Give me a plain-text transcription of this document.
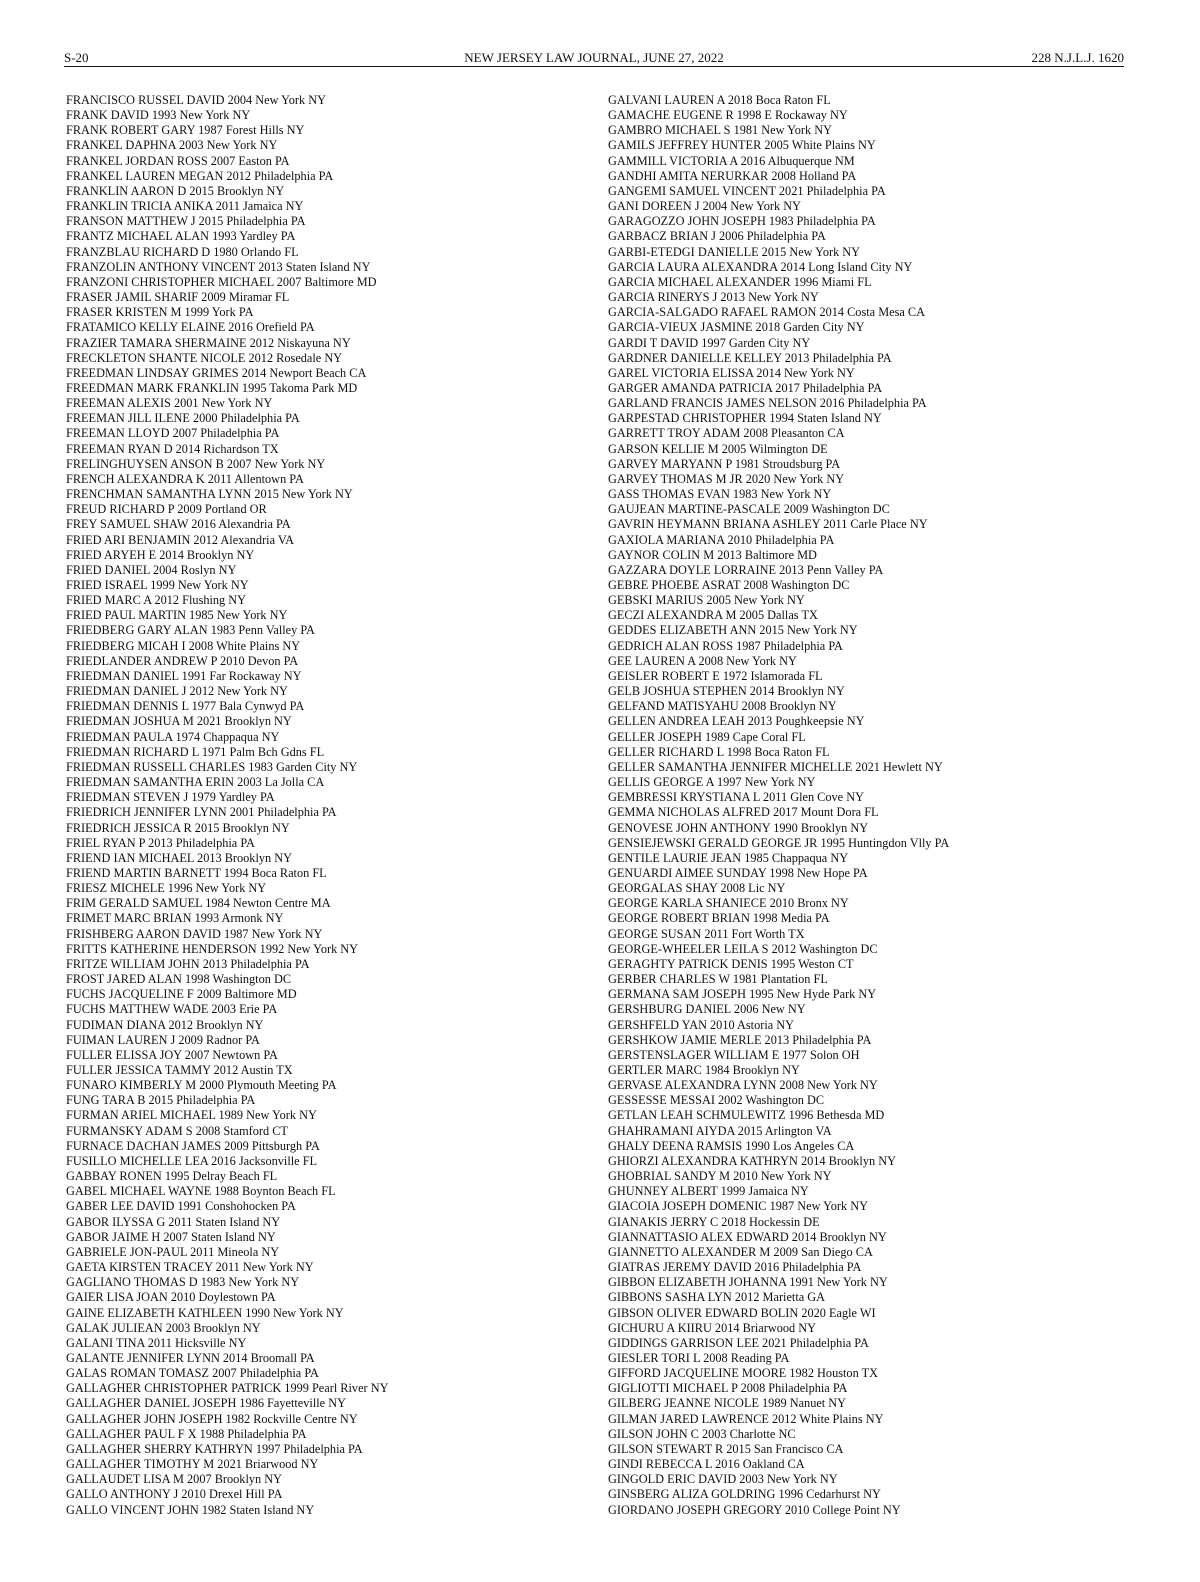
S-20	NEW JERSEY LAW JOURNAL, JUNE 27, 2022	228 N.J.L.J. 1620
FRANCISCO RUSSEL DAVID 2004 New York NY
FRANK DAVID 1993 New York NY
FRANK ROBERT GARY 1987 Forest Hills NY
FRANKEL DAPHNA 2003 New York NY
FRANKEL JORDAN ROSS 2007 Easton PA
FRANKEL LAUREN MEGAN 2012 Philadelphia PA
FRANKLIN AARON D 2015 Brooklyn NY
FRANKLIN TRICIA ANIKA 2011 Jamaica NY
FRANSON MATTHEW J 2015 Philadelphia PA
FRANTZ MICHAEL ALAN 1993 Yardley PA
FRANZBLAU RICHARD D 1980 Orlando FL
FRANZOLIN ANTHONY VINCENT 2013 Staten Island NY
FRANZONI CHRISTOPHER MICHAEL 2007 Baltimore MD
FRASER JAMIL SHARIF 2009 Miramar FL
FRASER KRISTEN M 1999 York PA
FRATAMICO KELLY ELAINE 2016 Orefield PA
FRAZIER TAMARA SHERMAINE 2012 Niskayuna NY
FRECKLETON SHANTE NICOLE 2012 Rosedale NY
FREEDMAN LINDSAY GRIMES 2014 Newport Beach CA
FREEDMAN MARK FRANKLIN 1995 Takoma Park MD
FREEMAN ALEXIS 2001 New York NY
FREEMAN JILL ILENE 2000 Philadelphia PA
FREEMAN LLOYD 2007 Philadelphia PA
FREEMAN RYAN D 2014 Richardson TX
FRELINGHUYSEN ANSON B 2007 New York NY
FRENCH ALEXANDRA K 2011 Allentown PA
FRENCHMAN SAMANTHA LYNN 2015 New York NY
FREUD RICHARD P 2009 Portland OR
FREY SAMUEL SHAW 2016 Alexandria PA
FRIED ARI BENJAMIN 2012 Alexandria VA
FRIED ARYEH E 2014 Brooklyn NY
FRIED DANIEL 2004 Roslyn NY
FRIED ISRAEL 1999 New York NY
FRIED MARC A 2012 Flushing NY
FRIED PAUL MARTIN 1985 New York NY
FRIEDBERG GARY ALAN 1983 Penn Valley PA
FRIEDBERG MICAH I 2008 White Plains NY
FRIEDLANDER ANDREW P 2010 Devon PA
FRIEDMAN DANIEL 1991 Far Rockaway NY
FRIEDMAN DANIEL J 2012 New York NY
FRIEDMAN DENNIS L 1977 Bala Cynwyd PA
FRIEDMAN JOSHUA M 2021 Brooklyn NY
FRIEDMAN PAULA 1974 Chappaqua NY
FRIEDMAN RICHARD L 1971 Palm Bch Gdns FL
FRIEDMAN RUSSELL CHARLES 1983 Garden City NY
FRIEDMAN SAMANTHA ERIN 2003 La Jolla CA
FRIEDMAN STEVEN J 1979 Yardley PA
FRIEDRICH JENNIFER LYNN 2001 Philadelphia PA
FRIEDRICH JESSICA R 2015 Brooklyn NY
FRIEL RYAN P 2013 Philadelphia PA
FRIEND IAN MICHAEL 2013 Brooklyn NY
FRIEND MARTIN BARNETT 1994 Boca Raton FL
FRIESZ MICHELE 1996 New York NY
FRIM GERALD SAMUEL 1984 Newton Centre MA
FRIMET MARC BRIAN 1993 Armonk NY
FRISHBERG AARON DAVID 1987 New York NY
FRITTS KATHERINE HENDERSON 1992 New York NY
FRITZE WILLIAM JOHN 2013 Philadelphia PA
FROST JARED ALAN 1998 Washington DC
FUCHS JACQUELINE F 2009 Baltimore MD
FUCHS MATTHEW WADE 2003 Erie PA
FUDIMAN DIANA 2012 Brooklyn NY
FUIMAN LAUREN J 2009 Radnor PA
FULLER ELISSA JOY 2007 Newtown PA
FULLER JESSICA TAMMY 2012 Austin TX
FUNARO KIMBERLY M 2000 Plymouth Meeting PA
FUNG TARA B 2015 Philadelphia PA
FURMAN ARIEL MICHAEL 1989 New York NY
FURMANSKY ADAM S 2008 Stamford CT
FURNACE DACHAN JAMES 2009 Pittsburgh PA
FUSILLO MICHELLE LEA 2016 Jacksonville FL
GABBAY RONEN 1995 Delray Beach FL
GABEL MICHAEL WAYNE 1988 Boynton Beach FL
GABER LEE DAVID 1991 Conshohocken PA
GABOR ILYSSA G 2011 Staten Island NY
GABOR JAIME H 2007 Staten Island NY
GABRIELE JON-PAUL 2011 Mineola NY
GAETA KIRSTEN TRACEY 2011 New York NY
GAGLIANO THOMAS D 1983 New York NY
GAIER LISA JOAN 2010 Doylestown PA
GAINE ELIZABETH KATHLEEN 1990 New York NY
GALAK JULIEAN 2003 Brooklyn NY
GALANI TINA 2011 Hicksville NY
GALANTE JENNIFER LYNN 2014 Broomall PA
GALAS ROMAN TOMASZ 2007 Philadelphia PA
GALLAGHER CHRISTOPHER PATRICK 1999 Pearl River NY
GALLAGHER DANIEL JOSEPH 1986 Fayetteville NY
GALLAGHER JOHN JOSEPH 1982 Rockville Centre NY
GALLAGHER PAUL F X 1988 Philadelphia PA
GALLAGHER SHERRY KATHRYN 1997 Philadelphia PA
GALLAGHER TIMOTHY M 2021 Briarwood NY
GALLAUDET LISA M 2007 Brooklyn NY
GALLO ANTHONY J 2010 Drexel Hill PA
GALLO VINCENT JOHN 1982 Staten Island NY
GALVANI LAUREN A 2018 Boca Raton FL
GAMACHE EUGENE R 1998 E Rockaway NY
GAMBRO MICHAEL S 1981 New York NY
GAMILS JEFFREY HUNTER 2005 White Plains NY
GAMMILL VICTORIA A 2016 Albuquerque NM
GANDHI AMITA NERURKAR 2008 Holland PA
GANGEMI SAMUEL VINCENT 2021 Philadelphia PA
GANI DOREEN J 2004 New York NY
GARAGOZZO JOHN JOSEPH 1983 Philadelphia PA
GARBACZ BRIAN J 2006 Philadelphia PA
GARBI-ETEDGI DANIELLE 2015 New York NY
GARCIA LAURA ALEXANDRA 2014 Long Island City NY
GARCIA MICHAEL ALEXANDER 1996 Miami FL
GARCIA RINERYS J 2013 New York NY
GARCIA-SALGADO RAFAEL RAMON 2014 Costa Mesa CA
GARCIA-VIEUX JASMINE 2018 Garden City NY
GARDI T DAVID 1997 Garden City NY
GARDNER DANIELLE KELLEY 2013 Philadelphia PA
GAREL VICTORIA ELISSA 2014 New York NY
GARGER AMANDA PATRICIA 2017 Philadelphia PA
GARLAND FRANCIS JAMES NELSON 2016 Philadelphia PA
GARPESTAD CHRISTOPHER 1994 Staten Island NY
GARRETT TROY ADAM 2008 Pleasanton CA
GARSON KELLIE M 2005 Wilmington DE
GARVEY MARYANN P 1981 Stroudsburg PA
GARVEY THOMAS M JR 2020 New York NY
GASS THOMAS EVAN 1983 New York NY
GAUJEAN MARTINE-PASCALE 2009 Washington DC
GAVRIN HEYMANN BRIANA ASHLEY 2011 Carle Place NY
GAXIOLA MARIANA 2010 Philadelphia PA
GAYNOR COLIN M 2013 Baltimore MD
GAZZARA DOYLE LORRAINE 2013 Penn Valley PA
GEBRE PHOEBE ASRAT 2008 Washington DC
GEBSKI MARIUS 2005 New York NY
GECZI ALEXANDRA M 2005 Dallas TX
GEDDES ELIZABETH ANN 2015 New York NY
GEDRICH ALAN ROSS 1987 Philadelphia PA
GEE LAUREN A 2008 New York NY
GEISLER ROBERT E 1972 Islamorada FL
GELB JOSHUA STEPHEN 2014 Brooklyn NY
GELFAND MATISYAHU 2008 Brooklyn NY
GELLEN ANDREA LEAH 2013 Poughkeepsie NY
GELLER JOSEPH 1989 Cape Coral FL
GELLER RICHARD L 1998 Boca Raton FL
GELLER SAMANTHA JENNIFER MICHELLE 2021 Hewlett NY
GELLIS GEORGE A 1997 New York NY
GEMBRESSI KRYSTIANA L 2011 Glen Cove NY
GEMMA NICHOLAS ALFRED 2017 Mount Dora FL
GENOVESE JOHN ANTHONY 1990 Brooklyn NY
GENSIEJEWSKI GERALD GEORGE JR 1995 Huntingdon Vlly PA
GENTILE LAURIE JEAN 1985 Chappaqua NY
GENUARDI AIMEE SUNDAY 1998 New Hope PA
GEORGALAS SHAY 2008 Lic NY
GEORGE KARLA SHANIECE 2010 Bronx NY
GEORGE ROBERT BRIAN 1998 Media PA
GEORGE SUSAN 2011 Fort Worth TX
GEORGE-WHEELER LEILA S 2012 Washington DC
GERAGHTY PATRICK DENIS 1995 Weston CT
GERBER CHARLES W 1981 Plantation FL
GERMANA SAM JOSEPH 1995 New Hyde Park NY
GERSHBURG DANIEL 2006 New NY
GERSHFELD YAN 2010 Astoria NY
GERSHKOW JAMIE MERLE 2013 Philadelphia PA
GERSTENSLAGER WILLIAM E 1977 Solon OH
GERTLER MARC 1984 Brooklyn NY
GERVASE ALEXANDRA LYNN 2008 New York NY
GESSESSE MESSAI 2002 Washington DC
GETLAN LEAH SCHMULEWITZ 1996 Bethesda MD
GHAHRAMANI AIYDA 2015 Arlington VA
GHALY DEENA RAMSIS 1990 Los Angeles CA
GHIORZI ALEXANDRA KATHRYN 2014 Brooklyn NY
GHOBRIAL SANDY M 2010 New York NY
GHUNNEY ALBERT 1999 Jamaica NY
GIACOIA JOSEPH DOMENIC 1987 New York NY
GIANAKIS JERRY C 2018 Hockessin DE
GIANNATTASIO ALEX EDWARD 2014 Brooklyn NY
GIANNETTO ALEXANDER M 2009 San Diego CA
GIATRAS JEREMY DAVID 2016 Philadelphia PA
GIBBON ELIZABETH JOHANNA 1991 New York NY
GIBBONS SASHA LYN 2012 Marietta GA
GIBSON OLIVER EDWARD BOLIN 2020 Eagle WI
GICHURU A KIIRU 2014 Briarwood NY
GIDDINGS GARRISON LEE 2021 Philadelphia PA
GIESLER TORI L 2008 Reading PA
GIFFORD JACQUELINE MOORE 1982 Houston TX
GIGLIOTTI MICHAEL P 2008 Philadelphia PA
GILBERG JEANNE NICOLE 1989 Nanuet NY
GILMAN JARED LAWRENCE 2012 White Plains NY
GILSON JOHN C 2003 Charlotte NC
GILSON STEWART R 2015 San Francisco CA
GINDI REBECCA L 2016 Oakland CA
GINGOLD ERIC DAVID 2003 New York NY
GINSBERG ALIZA GOLDRING 1996 Cedarhurst NY
GIORDANO JOSEPH GREGORY 2010 College Point NY
